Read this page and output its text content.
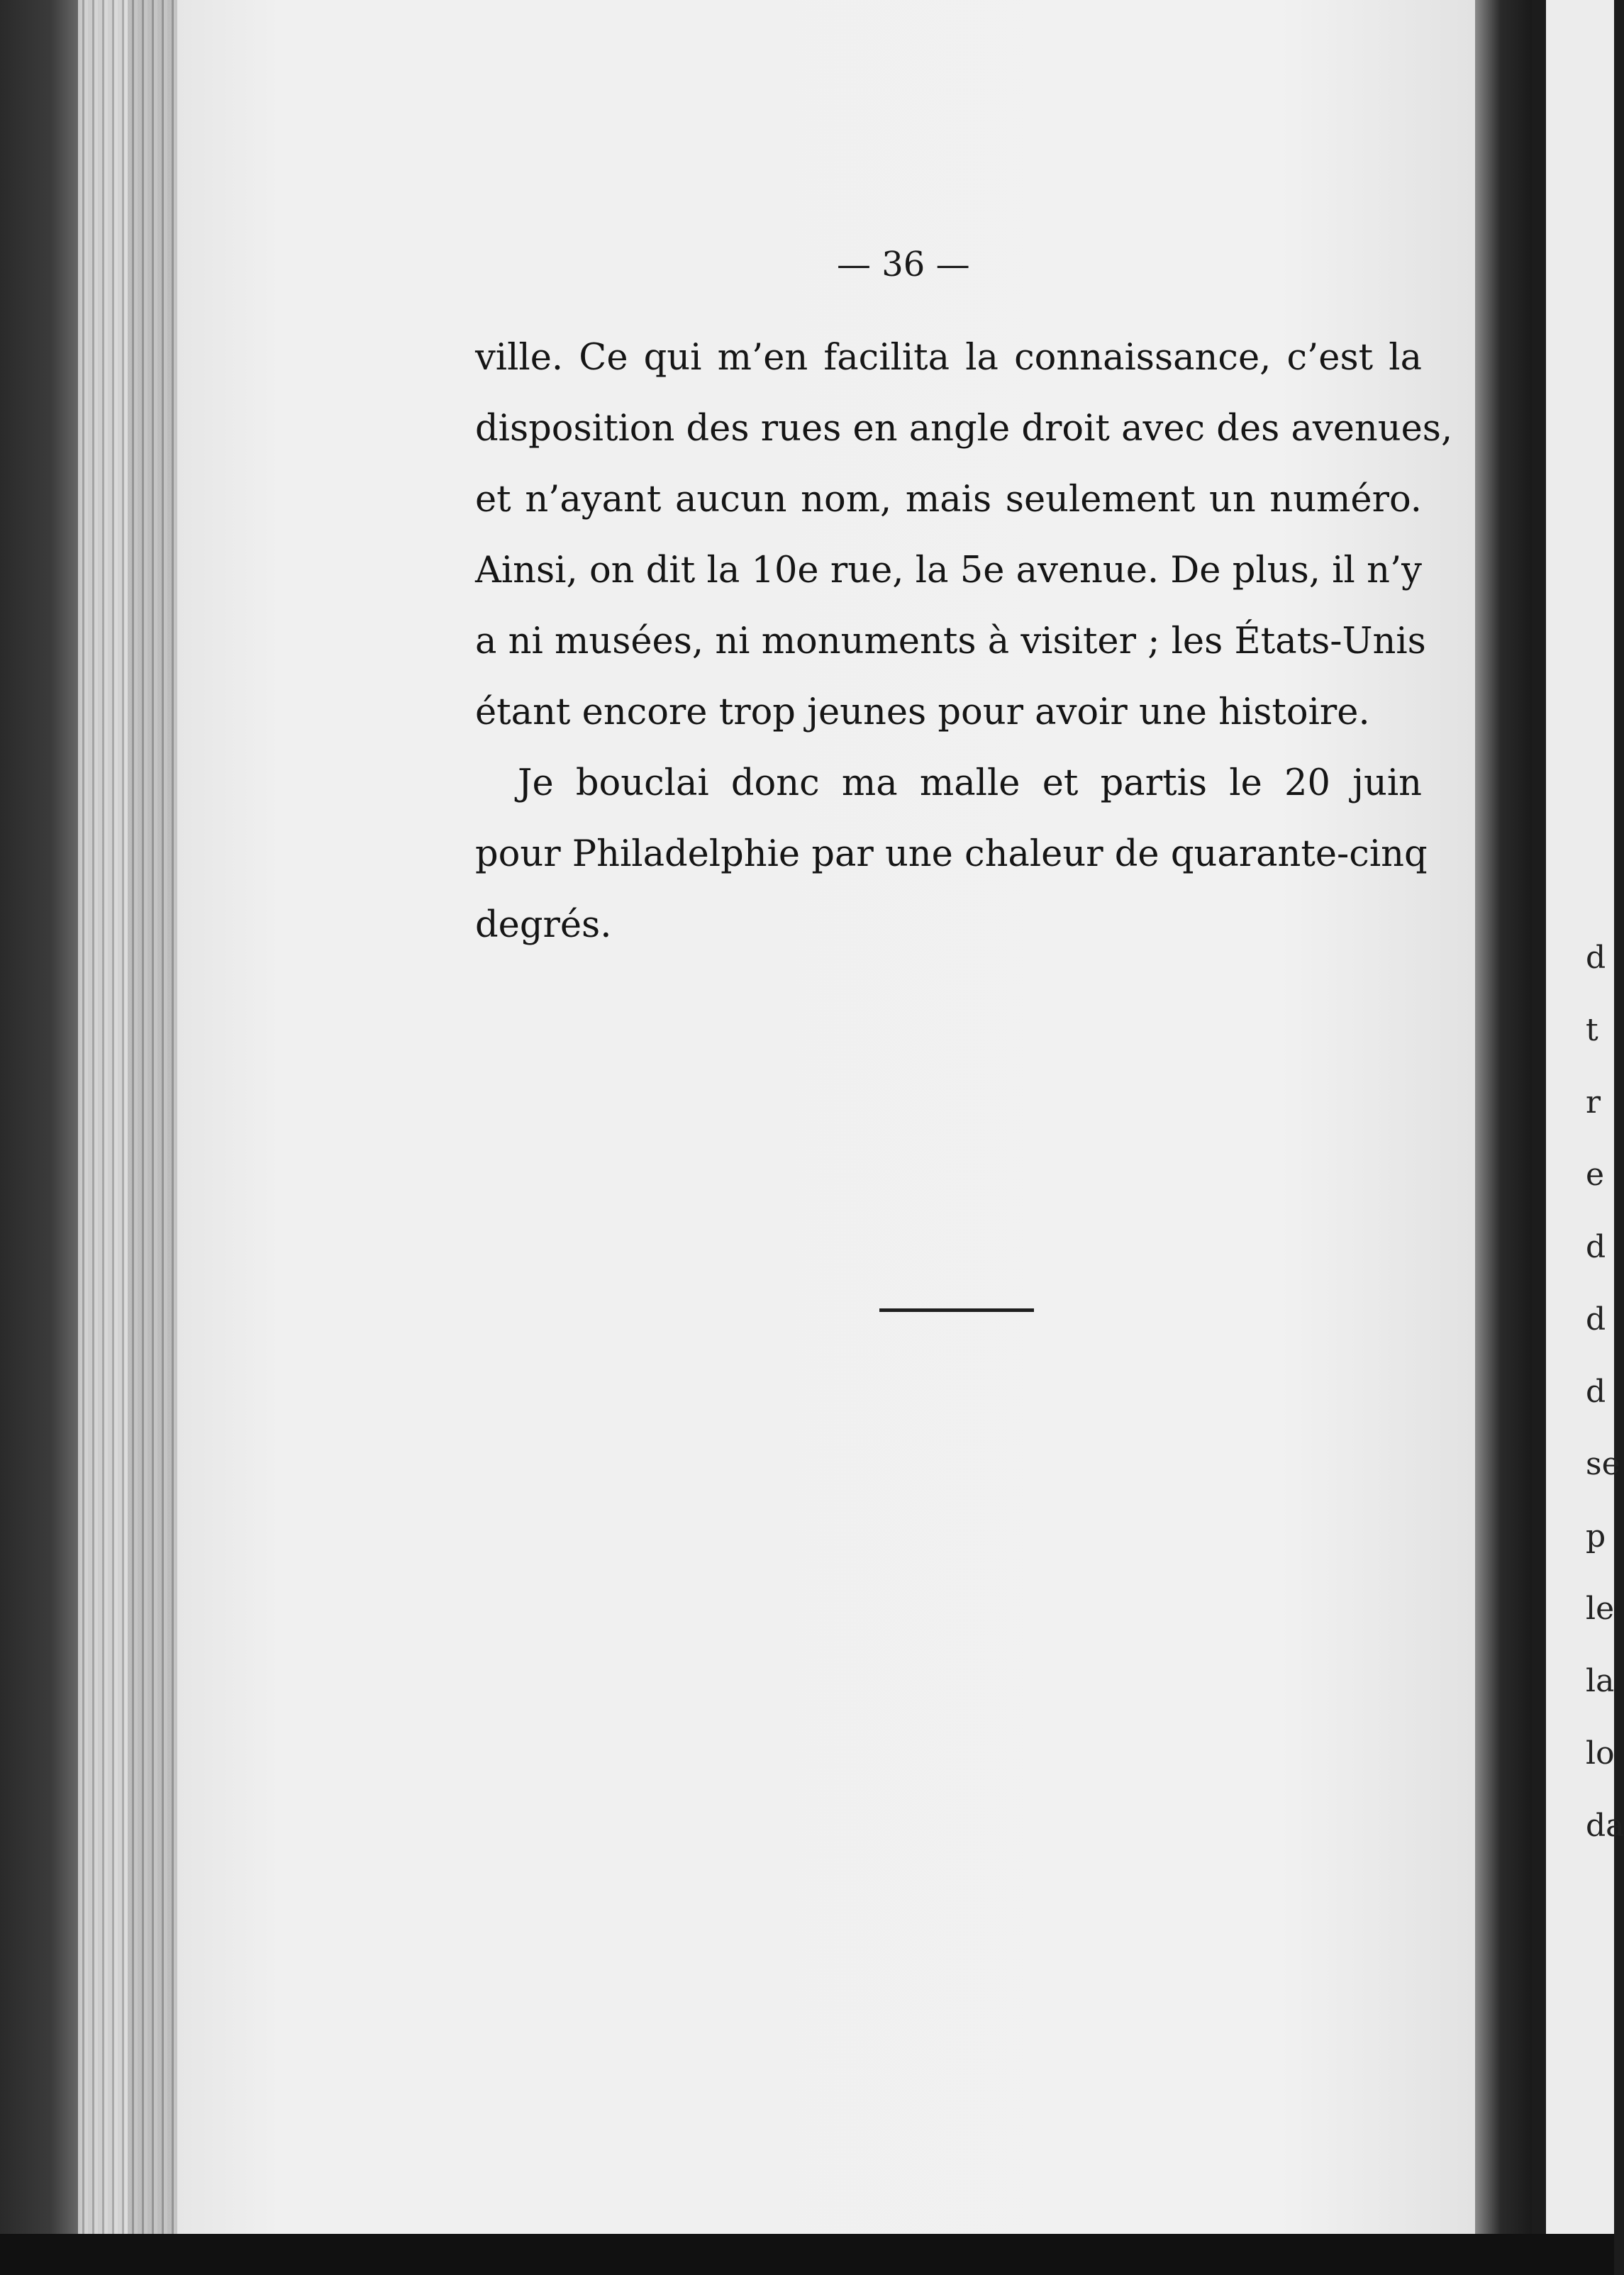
d
t
r
e
d
d
d
se
p
le
la
lo
da
— 36 —

ville. Ce qui m’en facilita la connaissance, c’est la
disposition des rues en angle droit avec des avenues,
et n’ayant aucun nom, mais seulement un numéro.
Ainsi, on dit la 10e rue, la 5e avenue. De plus, il n’y
a ni musées, ni monuments à visiter ; les États-Unis
étant encore trop jeunes pour avoir une histoire.

Je bouclai donc ma malle et partis le 20 juin
pour Philadelphie par une chaleur de quarante-cinq
degrés.
